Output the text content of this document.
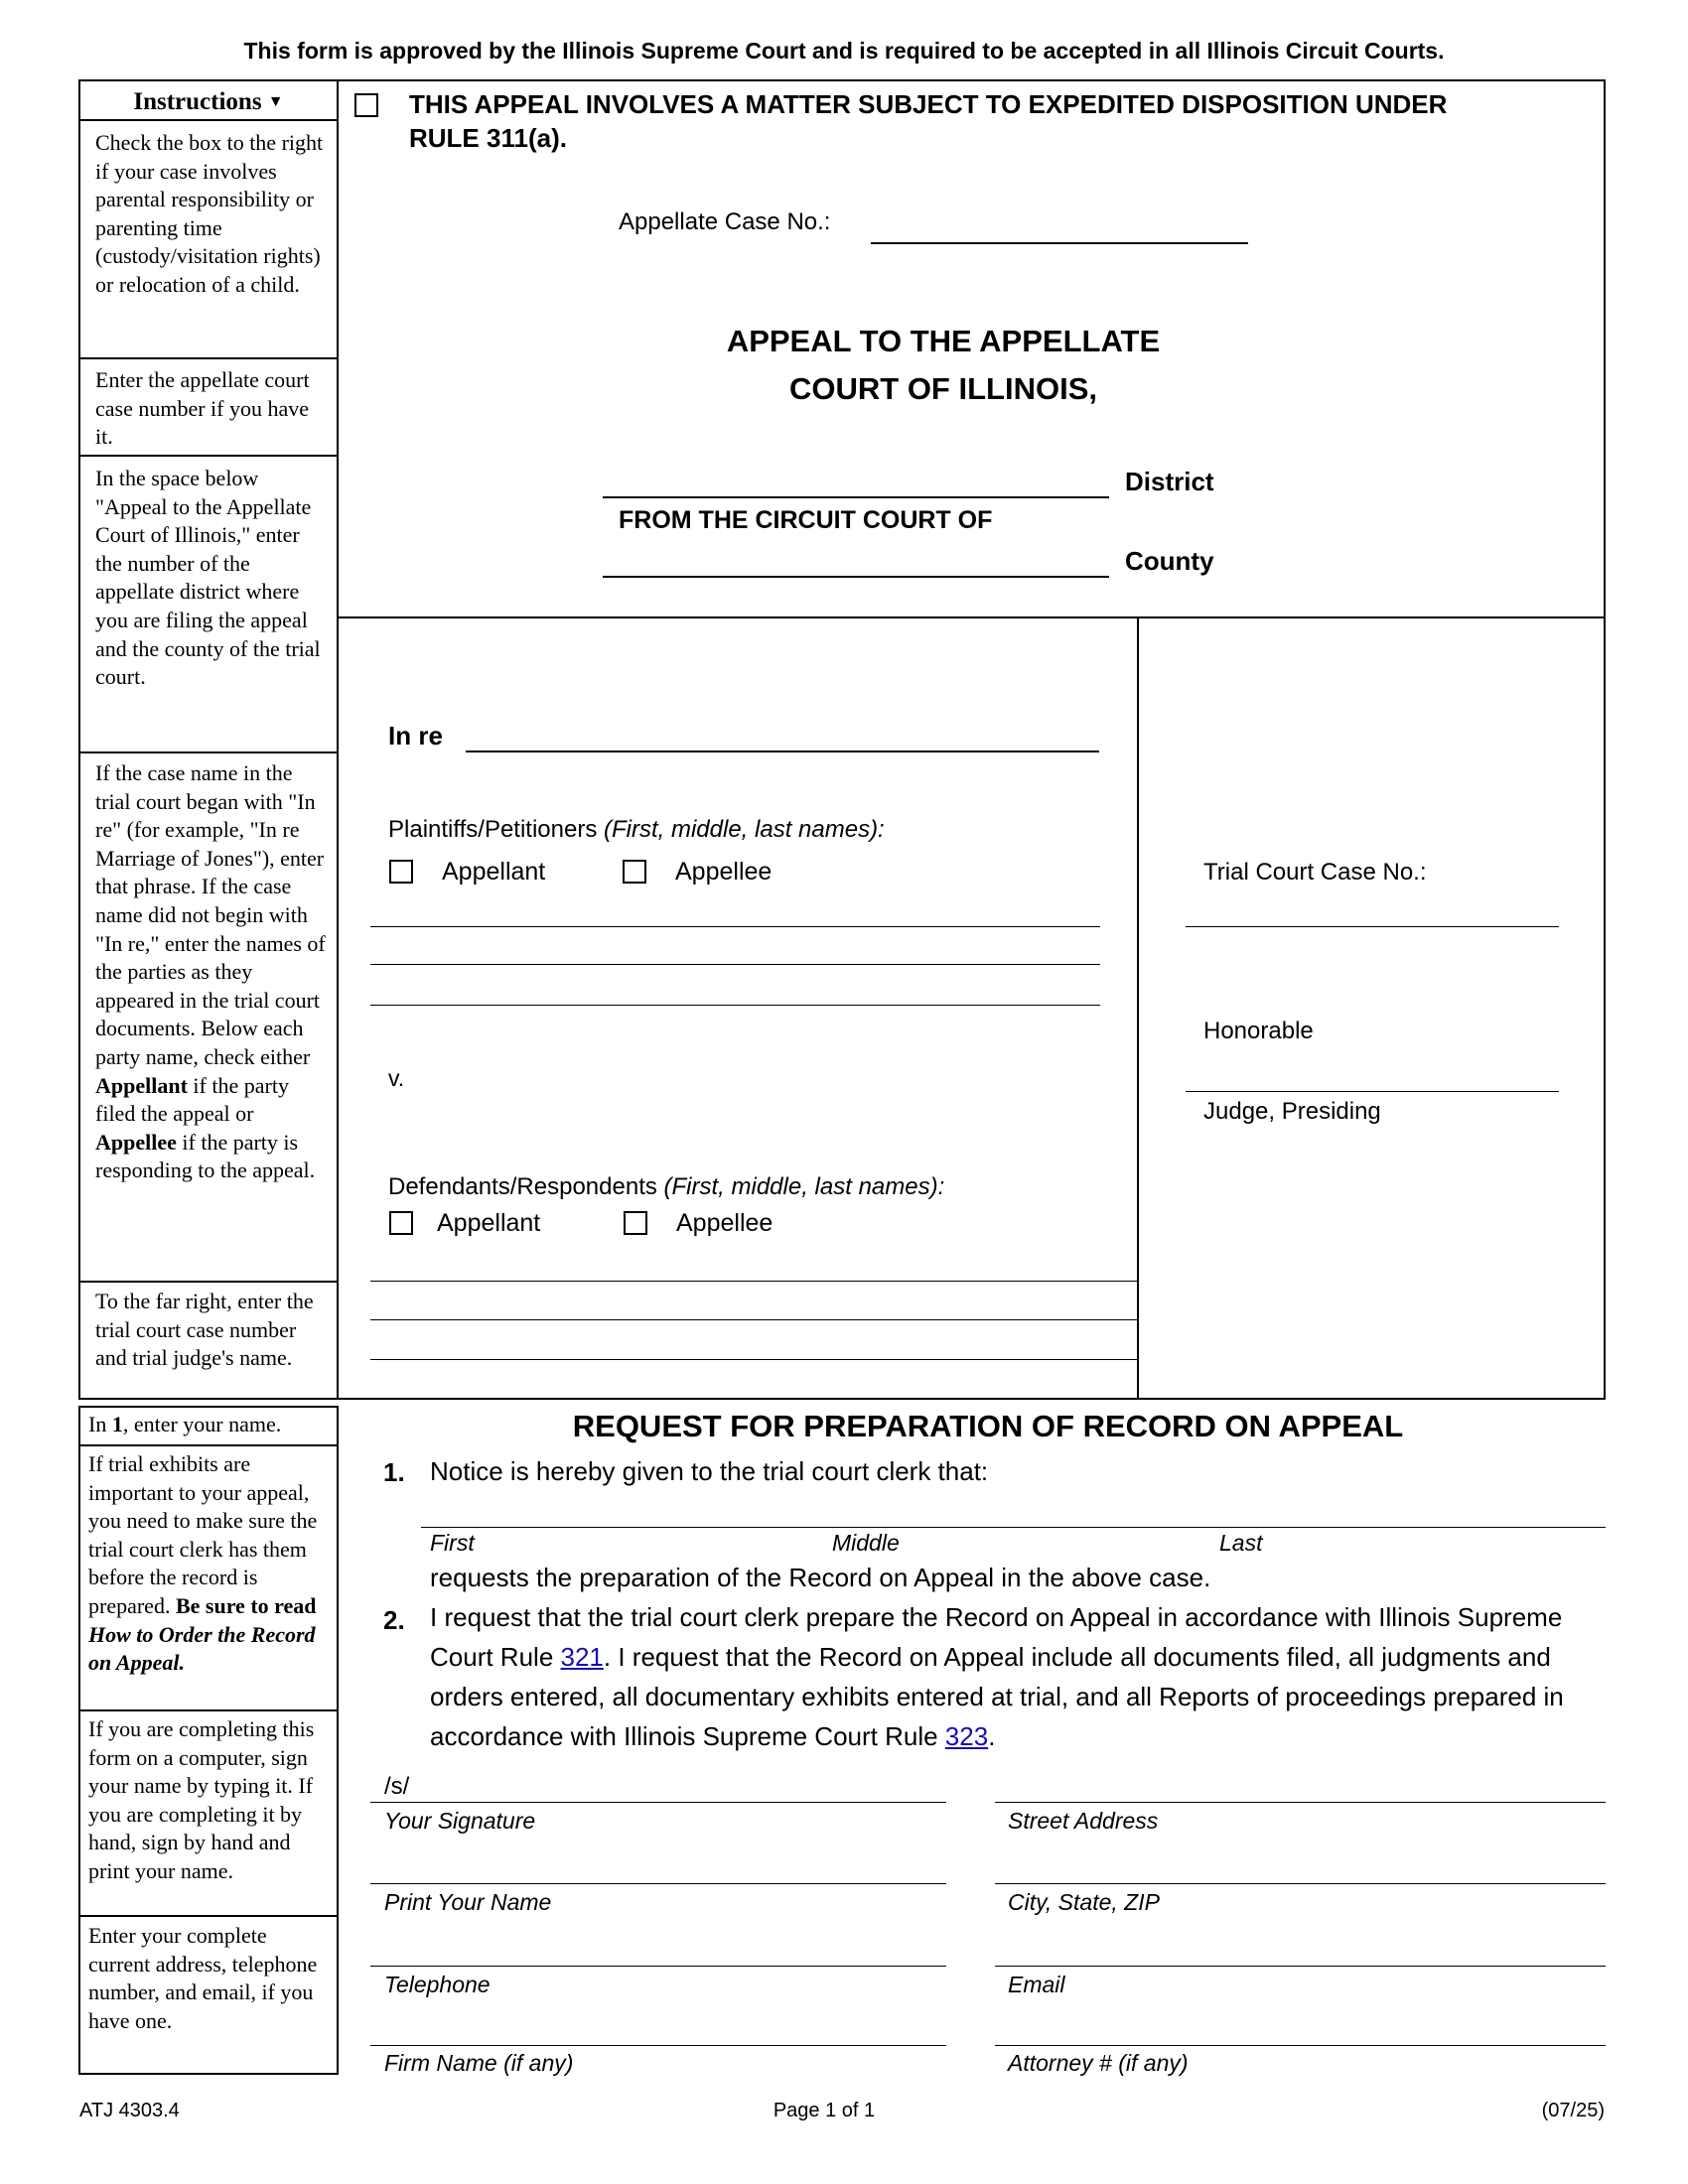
This form is approved by the Illinois Supreme Court and is required to be accepted in all Illinois Circuit Courts.
Instructions ▼
Check the box to the right if your case involves parental responsibility or parenting time (custody/visitation rights) or relocation of a child.
Enter the appellate court case number if you have it.
In the space below "Appeal to the Appellate Court of Illinois," enter the number of the appellate district where you are filing the appeal and the county of the trial court.
If the case name in the trial court began with "In re" (for example, "In re Marriage of Jones"), enter that phrase. If the case name did not begin with "In re," enter the names of the parties as they appeared in the trial court documents. Below each party name, check either Appellant if the party filed the appeal or Appellee if the party is responding to the appeal.
To the far right, enter the trial court case number and trial judge's name.
THIS APPEAL INVOLVES A MATTER SUBJECT TO EXPEDITED DISPOSITION UNDER
RULE 311(a).
Appellate Case No.:
APPEAL TO THE APPELLATE
COURT OF ILLINOIS,
District
FROM THE CIRCUIT COURT OF
County
In re
Plaintiffs/Petitioners (First, middle, last names):
Appellant	Appellee
v.
Defendants/Respondents (First, middle, last names):
Appellant	Appellee
Trial Court Case No.:
Honorable
Judge, Presiding
In 1, enter your name.
If trial exhibits are important to your appeal, you need to make sure the trial court clerk has them before the record is prepared. Be sure to read How to Order the Record on Appeal.
If you are completing this form on a computer, sign your name by typing it. If you are completing it by hand, sign by hand and print your name.
Enter your complete current address, telephone number, and email, if you have one.
REQUEST FOR PREPARATION OF RECORD ON APPEAL
1. Notice is hereby given to the trial court clerk that:
First	Middle	Last
requests the preparation of the Record on Appeal in the above case.
2. I request that the trial court clerk prepare the Record on Appeal in accordance with Illinois Supreme Court Rule 321. I request that the Record on Appeal include all documents filed, all judgments and orders entered, all documentary exhibits entered at trial, and all Reports of proceedings prepared in accordance with Illinois Supreme Court Rule 323.
/s/
Your Signature	Street Address
Print Your Name	City, State, ZIP
Telephone	Email
Firm Name (if any)	Attorney # (if any)
ATJ 4303.4	Page 1 of 1	(07/25)
